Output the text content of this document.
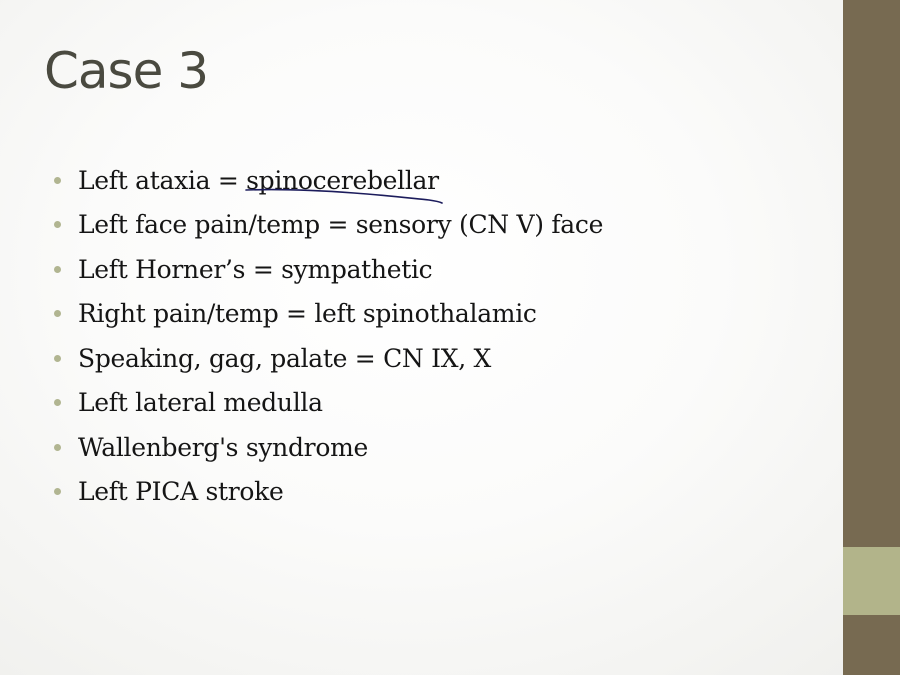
Case 3
Left ataxia = spinocerebellar
Left face pain/temp = sensory (CN V) face
Left Horner’s = sympathetic
Right pain/temp = left spinothalamic
Speaking, gag, palate = CN IX, X
Left lateral medulla
Wallenberg's syndrome
Left PICA stroke
